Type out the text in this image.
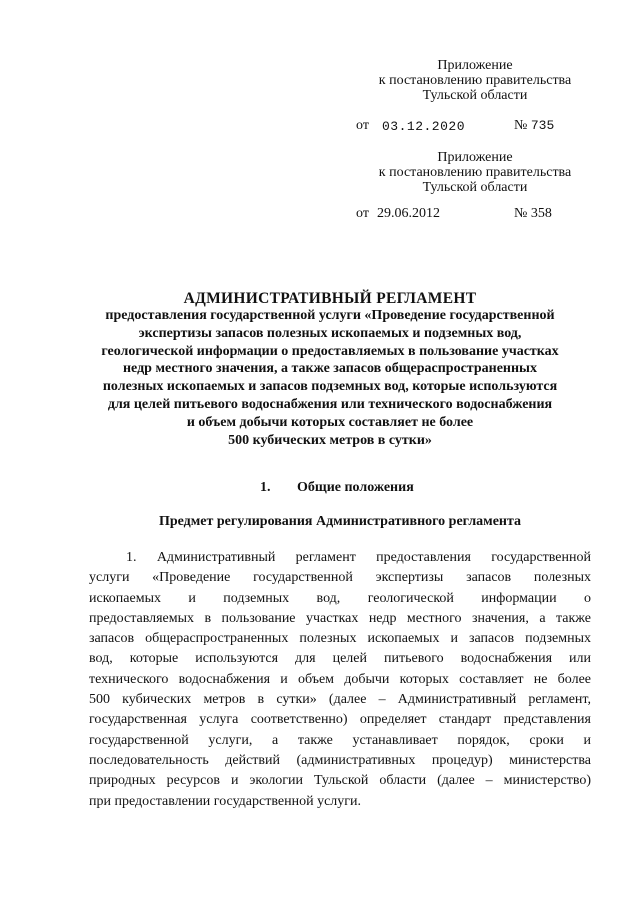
Приложение
к постановлению правительства
Тульской области
от 03.12.2020	№ 735
Приложение
к постановлению правительства
Тульской области
от 29.06.2012	№ 358
АДМИНИСТРАТИВНЫЙ РЕГЛАМЕНТ
предоставления государственной услуги «Проведение государственной
экспертизы запасов полезных ископаемых и подземных вод,
геологической информации о предоставляемых в пользование участках
недр местного значения, а также запасов общераспространенных
полезных ископаемых и запасов подземных вод, которые используются
для целей питьевого водоснабжения или технического водоснабжения
и объем добычи которых составляет не более
500 кубических метров в сутки»
1. Общие положения
Предмет регулирования Административного регламента
1. Административный регламент предоставления государственной
услуги «Проведение государственной экспертизы запасов полезных
ископаемых и подземных вод, геологической информации о
предоставляемых в пользование участках недр местного значения, а также
запасов общераспространенных полезных ископаемых и запасов подземных
вод, которые используются для целей питьевого водоснабжения или
технического водоснабжения и объем добычи которых составляет не более
500 кубических метров в сутки» (далее – Административный регламент,
государственная услуга соответственно) определяет стандарт представления
государственной услуги, а также устанавливает порядок, сроки и
последовательность действий (административных процедур) министерства
природных ресурсов и экологии Тульской области (далее – министерство)
при предоставлении государственной услуги.
